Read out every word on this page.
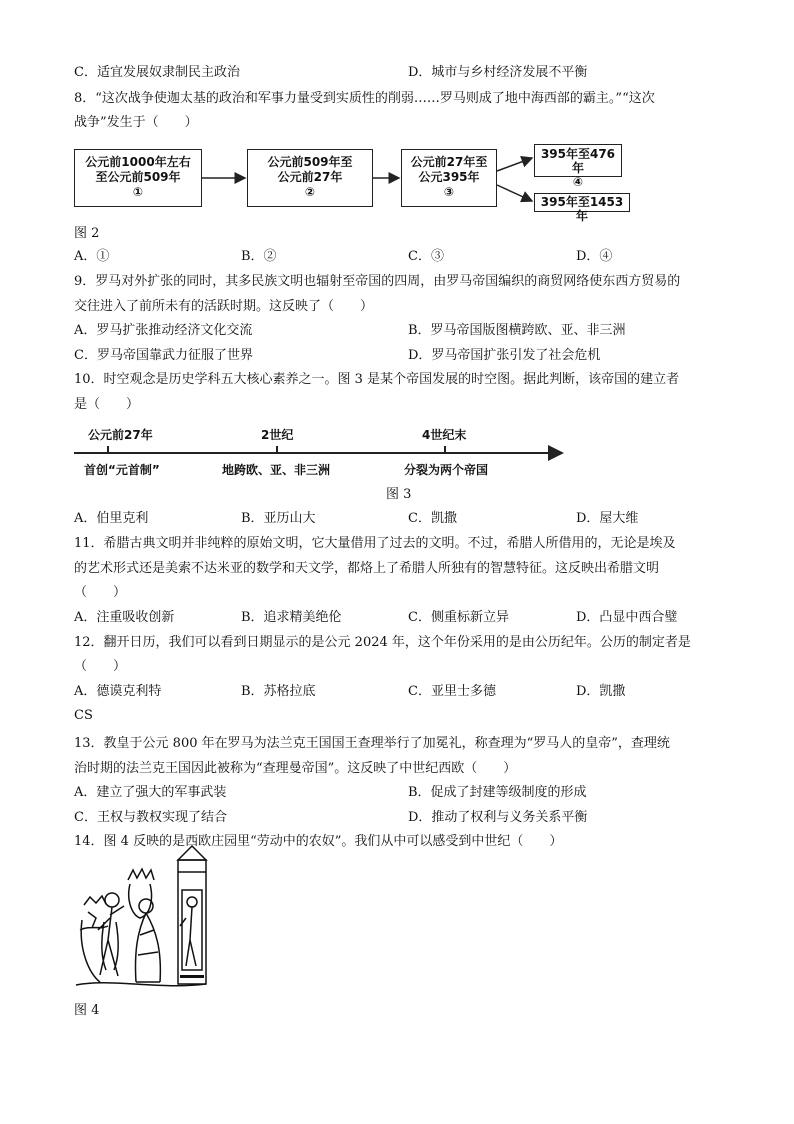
C．适宜发展奴隶制民主政治	D．城市与乡村经济发展不平衡
8．“这次战争使迦太基的政治和军事力量受到实质性的削弱……罗马则成了地中海西部的霸主。”“这次
战争”发生于（　　）
公元前1000年左右
至公元前509年
①
公元前509年至
公元前27年
②
公元前27年至
公元395年
③
395年至476年
④
395年至1453年
图 2
A．①	B．②	C．③	D．④
9．罗马对外扩张的同时，其多民族文明也辐射至帝国的四周，由罗马帝国编织的商贸网络使东西方贸易的
交往进入了前所未有的活跃时期。这反映了（　　）
A．罗马扩张推动经济文化交流	B．罗马帝国版图横跨欧、亚、非三洲
C．罗马帝国靠武力征服了世界	D．罗马帝国扩张引发了社会危机
10．时空观念是历史学科五大核心素养之一。图 3 是某个帝国发展的时空图。据此判断，该帝国的建立者
是（　　）
公元前27年	2世纪	4世纪末
首创“元首制”	地跨欧、亚、非三洲	分裂为两个帝国
图 3
A．伯里克利	B．亚历山大	C．凯撒	D．屋大维
11．希腊古典文明并非纯粹的原始文明，它大量借用了过去的文明。不过，希腊人所借用的，无论是埃及
的艺术形式还是美索不达米亚的数学和天文学，都烙上了希腊人所独有的智慧特征。这反映出希腊文明
（　　）
A．注重吸收创新	B．追求精美绝伦	C．侧重标新立异	D．凸显中西合璧
12．翻开日历，我们可以看到日期显示的是公元 2024 年，这个年份采用的是由公历纪年。公历的制定者是
（　　）
A．德谟克利特	B．苏格拉底	C．亚里士多德	D．凯撒
CS
13．教皇于公元 800 年在罗马为法兰克王国国王查理举行了加冕礼，称查理为“罗马人的皇帝”，查理统
治时期的法兰克王国因此被称为“查理曼帝国”。这反映了中世纪西欧（　　）
A．建立了强大的军事武装	B．促成了封建等级制度的形成
C．王权与教权实现了结合	D．推动了权利与义务关系平衡
14．图 4 反映的是西欧庄园里“劳动中的农奴”。我们从中可以感受到中世纪（　　）
图 4
